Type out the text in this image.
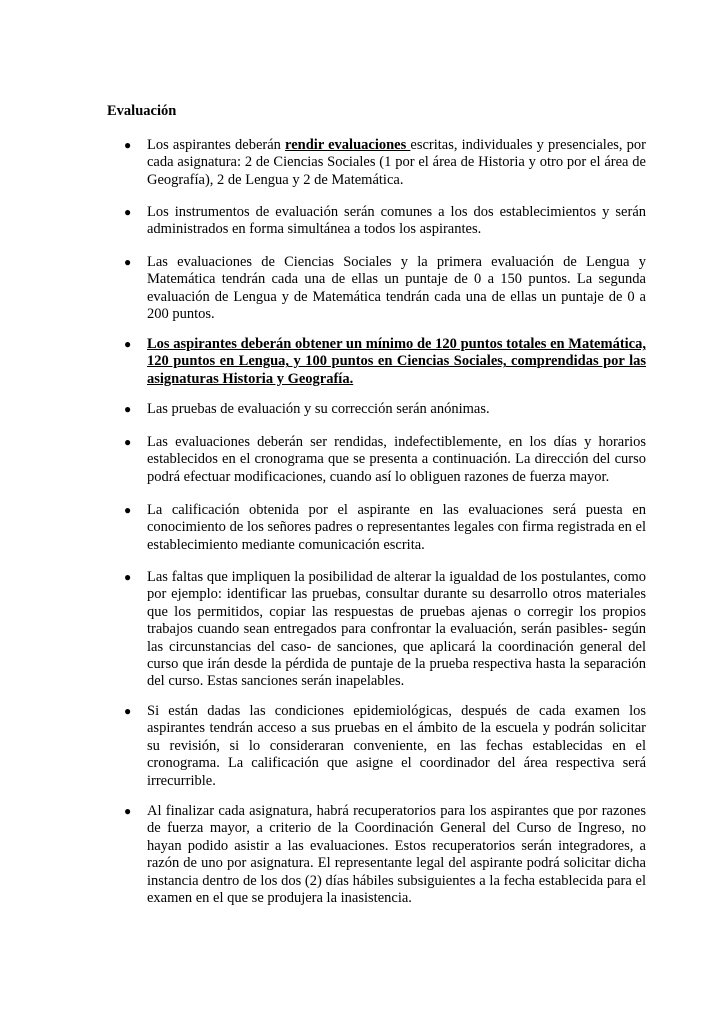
Evaluación
● Los aspirantes deberán rendir evaluaciones escritas, individuales y presenciales, por cada asignatura: 2 de Ciencias Sociales (1 por el área de Historia y otro por el área de Geografía), 2 de Lengua y 2 de Matemática.
● Los instrumentos de evaluación serán comunes a los dos establecimientos y serán administrados en forma simultánea a todos los aspirantes.
● Las evaluaciones de Ciencias Sociales y la primera evaluación de Lengua y Matemática tendrán cada una de ellas un puntaje de 0 a 150 puntos. La segunda evaluación de Lengua y de Matemática tendrán cada una de ellas un puntaje de 0 a 200 puntos.
● Los aspirantes deberán obtener un mínimo de 120 puntos totales en Matemática, 120 puntos en Lengua, y 100 puntos en Ciencias Sociales, comprendidas por las asignaturas Historia y Geografía.
● Las pruebas de evaluación y su corrección serán anónimas.
● Las evaluaciones deberán ser rendidas, indefectiblemente, en los días y horarios establecidos en el cronograma que se presenta a continuación. La dirección del curso podrá efectuar modificaciones, cuando así lo obliguen razones de fuerza mayor.
● La calificación obtenida por el aspirante en las evaluaciones será puesta en conocimiento de los señores padres o representantes legales con firma registrada en el establecimiento mediante comunicación escrita.
● Las faltas que impliquen la posibilidad de alterar la igualdad de los postulantes, como por ejemplo: identificar las pruebas, consultar durante su desarrollo otros materiales que los permitidos, copiar las respuestas de pruebas ajenas o corregir los propios trabajos cuando sean entregados para confrontar la evaluación, serán pasibles- según las circunstancias del caso- de sanciones, que aplicará la coordinación general del curso que irán desde la pérdida de puntaje de la prueba respectiva hasta la separación del curso. Estas sanciones serán inapelables.
● Si están dadas las condiciones epidemiológicas, después de cada examen los aspirantes tendrán acceso a sus pruebas en el ámbito de la escuela y podrán solicitar su revisión, si lo consideraran conveniente, en las fechas establecidas en el cronograma. La calificación que asigne el coordinador del área respectiva será irrecurrible.
● Al finalizar cada asignatura, habrá recuperatorios para los aspirantes que por razones de fuerza mayor, a criterio de la Coordinación General del Curso de Ingreso, no hayan podido asistir a las evaluaciones. Estos recuperatorios serán integradores, a razón de uno por asignatura. El representante legal del aspirante podrá solicitar dicha instancia dentro de los dos (2) días hábiles subsiguientes a la fecha establecida para el examen en el que se produjera la inasistencia.
